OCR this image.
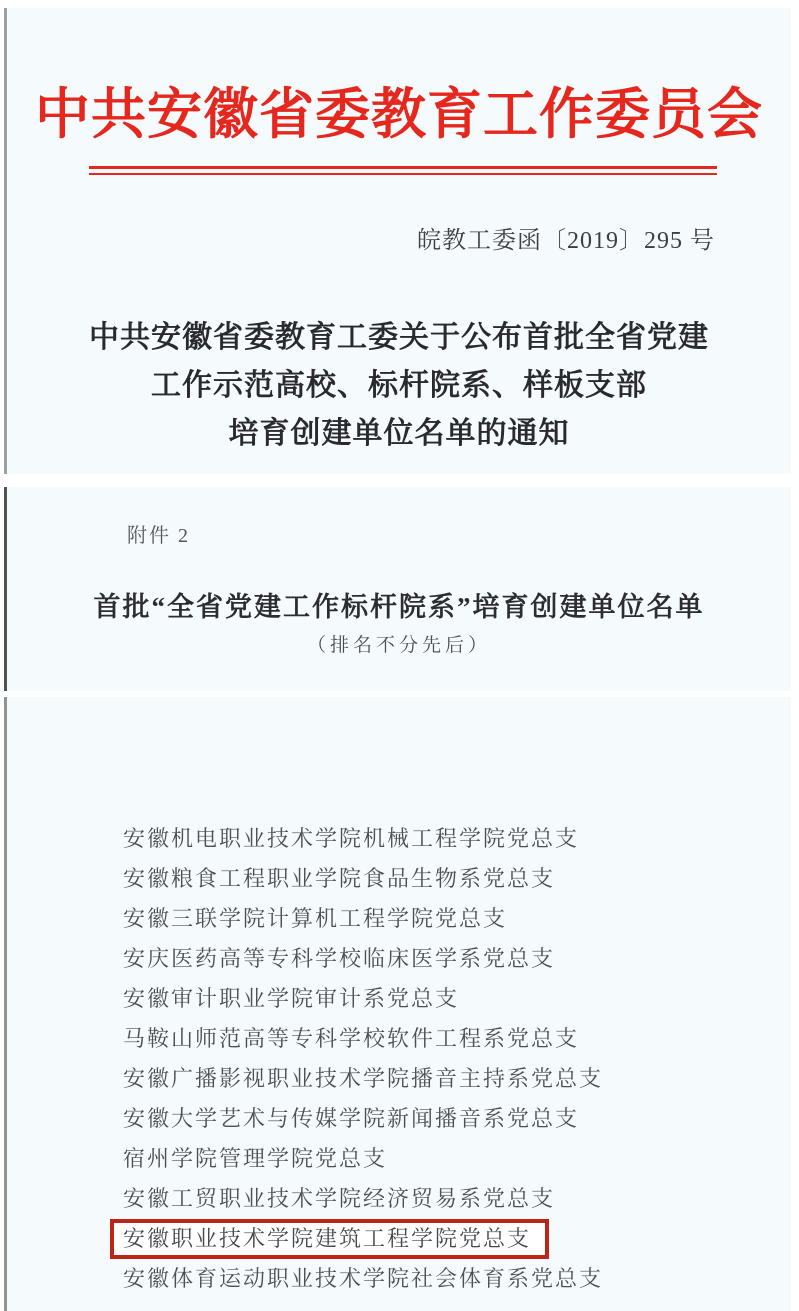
中共安徽省委教育工作委员会
皖教工委函〔2019〕295 号
中共安徽省委教育工委关于公布首批全省党建
工作示范高校、标杆院系、样板支部
培育创建单位名单的通知
附件 2
首批“全省党建工作标杆院系”培育创建单位名单
（排名不分先后）
安徽机电职业技术学院机械工程学院党总支
安徽粮食工程职业学院食品生物系党总支
安徽三联学院计算机工程学院党总支
安庆医药高等专科学校临床医学系党总支
安徽审计职业学院审计系党总支
马鞍山师范高等专科学校软件工程系党总支
安徽广播影视职业技术学院播音主持系党总支
安徽大学艺术与传媒学院新闻播音系党总支
宿州学院管理学院党总支
安徽工贸职业技术学院经济贸易系党总支
安徽职业技术学院建筑工程学院党总支
安徽体育运动职业技术学院社会体育系党总支
